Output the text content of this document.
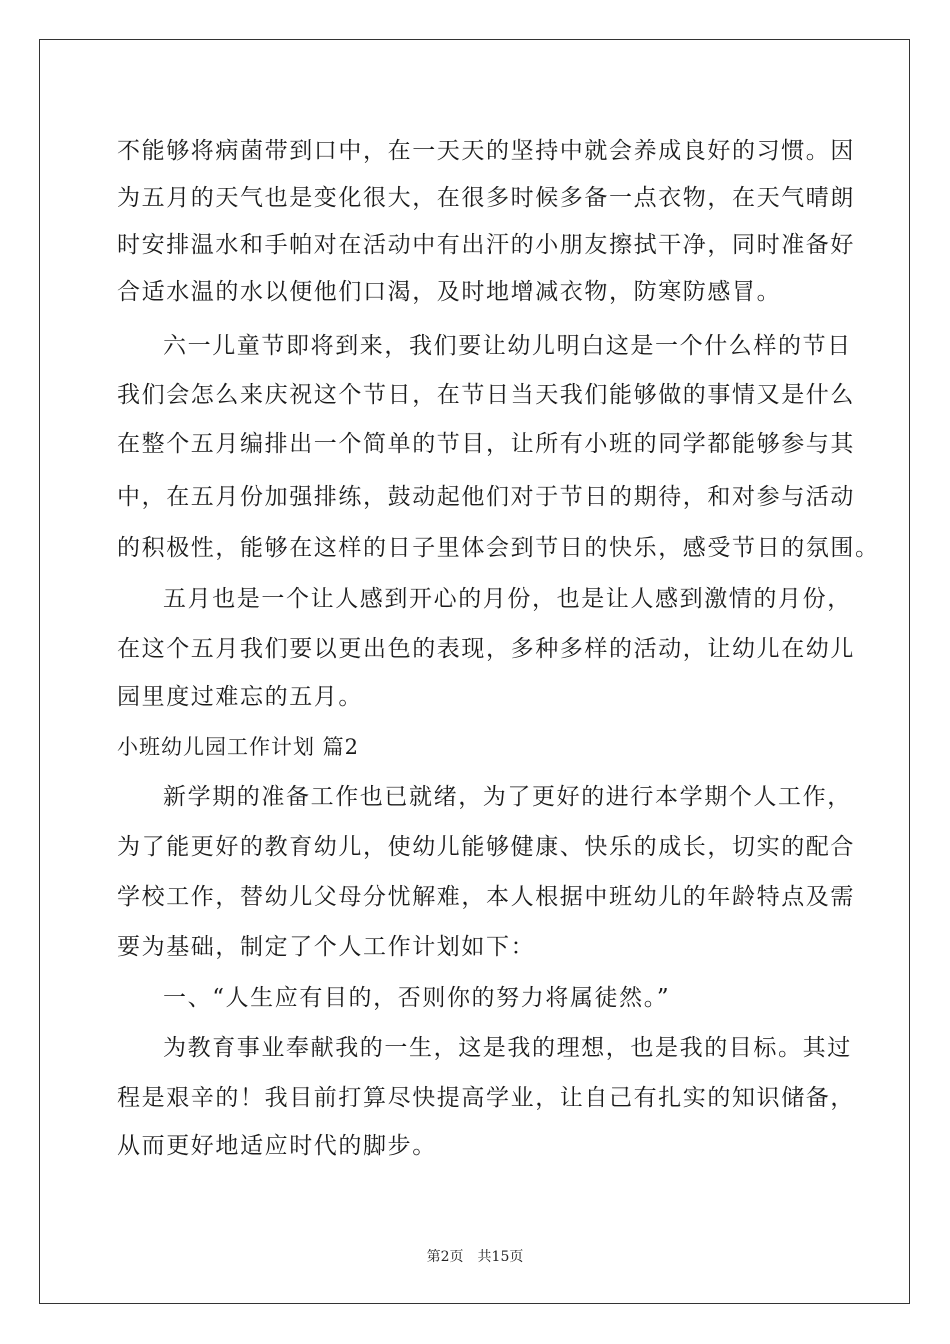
不能够将病菌带到口中，在一天天的坚持中就会养成良好的习惯。因
为五月的天气也是变化很大，在很多时候多备一点衣物，在天气晴朗
时安排温水和手帕对在活动中有出汗的小朋友擦拭干净，同时准备好
合适水温的水以便他们口渴，及时地增减衣物，防寒防感冒。
六一儿童节即将到来，我们要让幼儿明白这是一个什么样的节日
我们会怎么来庆祝这个节日，在节日当天我们能够做的事情又是什么
在整个五月编排出一个简单的节目，让所有小班的同学都能够参与其
中，在五月份加强排练，鼓动起他们对于节日的期待，和对参与活动
的积极性，能够在这样的日子里体会到节日的快乐，感受节日的氛围。
五月也是一个让人感到开心的月份，也是让人感到激情的月份，
在这个五月我们要以更出色的表现，多种多样的活动，让幼儿在幼儿
园里度过难忘的五月。
小班幼儿园工作计划 篇2
新学期的准备工作也已就绪，为了更好的进行本学期个人工作，
为了能更好的教育幼儿，使幼儿能够健康、快乐的成长，切实的配合
学校工作，替幼儿父母分忧解难，本人根据中班幼儿的年龄特点及需
要为基础，制定了个人工作计划如下：
一、“人生应有目的，否则你的努力将属徒然。”
为教育事业奉献我的一生，这是我的理想，也是我的目标。其过
程是艰辛的！我目前打算尽快提高学业，让自己有扎实的知识储备，
从而更好地适应时代的脚步。
第2页　共15页
